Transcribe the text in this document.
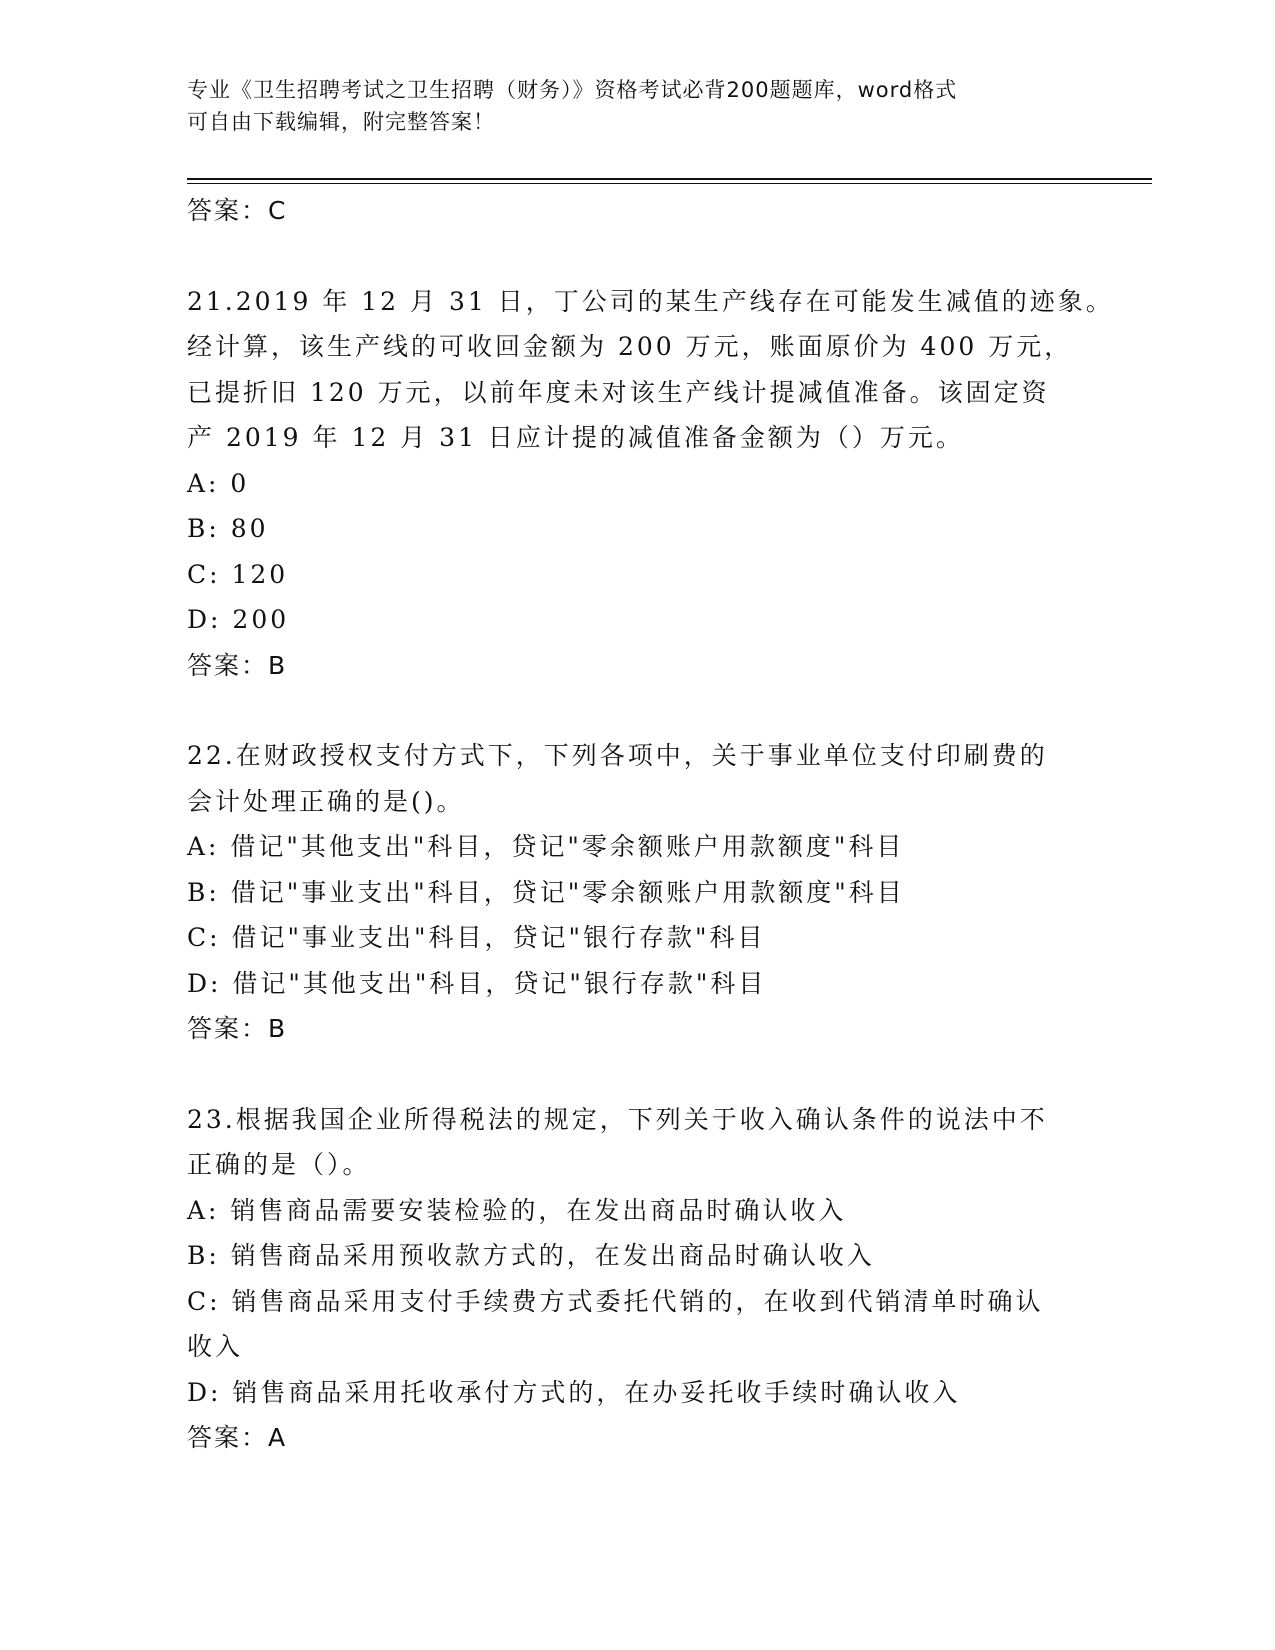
专业《卫生招聘考试之卫生招聘（财务）》资格考试必背200题题库，word格式
可自由下载编辑，附完整答案！
答案：C
21.2019 年 12 月 31 日，丁公司的某生产线存在可能发生减值的迹象。
经计算，该生产线的可收回金额为 200 万元，账面原价为 400 万元，
已提折旧 120 万元，以前年度未对该生产线计提减值准备。该固定资
产 2019 年 12 月 31 日应计提的减值准备金额为（）万元。
A: 0
B: 80
C: 120
D: 200
答案：B
22.在财政授权支付方式下，下列各项中，关于事业单位支付印刷费的
会计处理正确的是()。
A: 借记"其他支出"科目，贷记"零余额账户用款额度"科目
B: 借记"事业支出"科目，贷记"零余额账户用款额度"科目
C: 借记"事业支出"科目，贷记"银行存款"科目
D: 借记"其他支出"科目，贷记"银行存款"科目
答案：B
23.根据我国企业所得税法的规定，下列关于收入确认条件的说法中不
正确的是（）。
A: 销售商品需要安装检验的，在发出商品时确认收入
B: 销售商品采用预收款方式的，在发出商品时确认收入
C: 销售商品采用支付手续费方式委托代销的，在收到代销清单时确认
收入
D: 销售商品采用托收承付方式的，在办妥托收手续时确认收入
答案：A
